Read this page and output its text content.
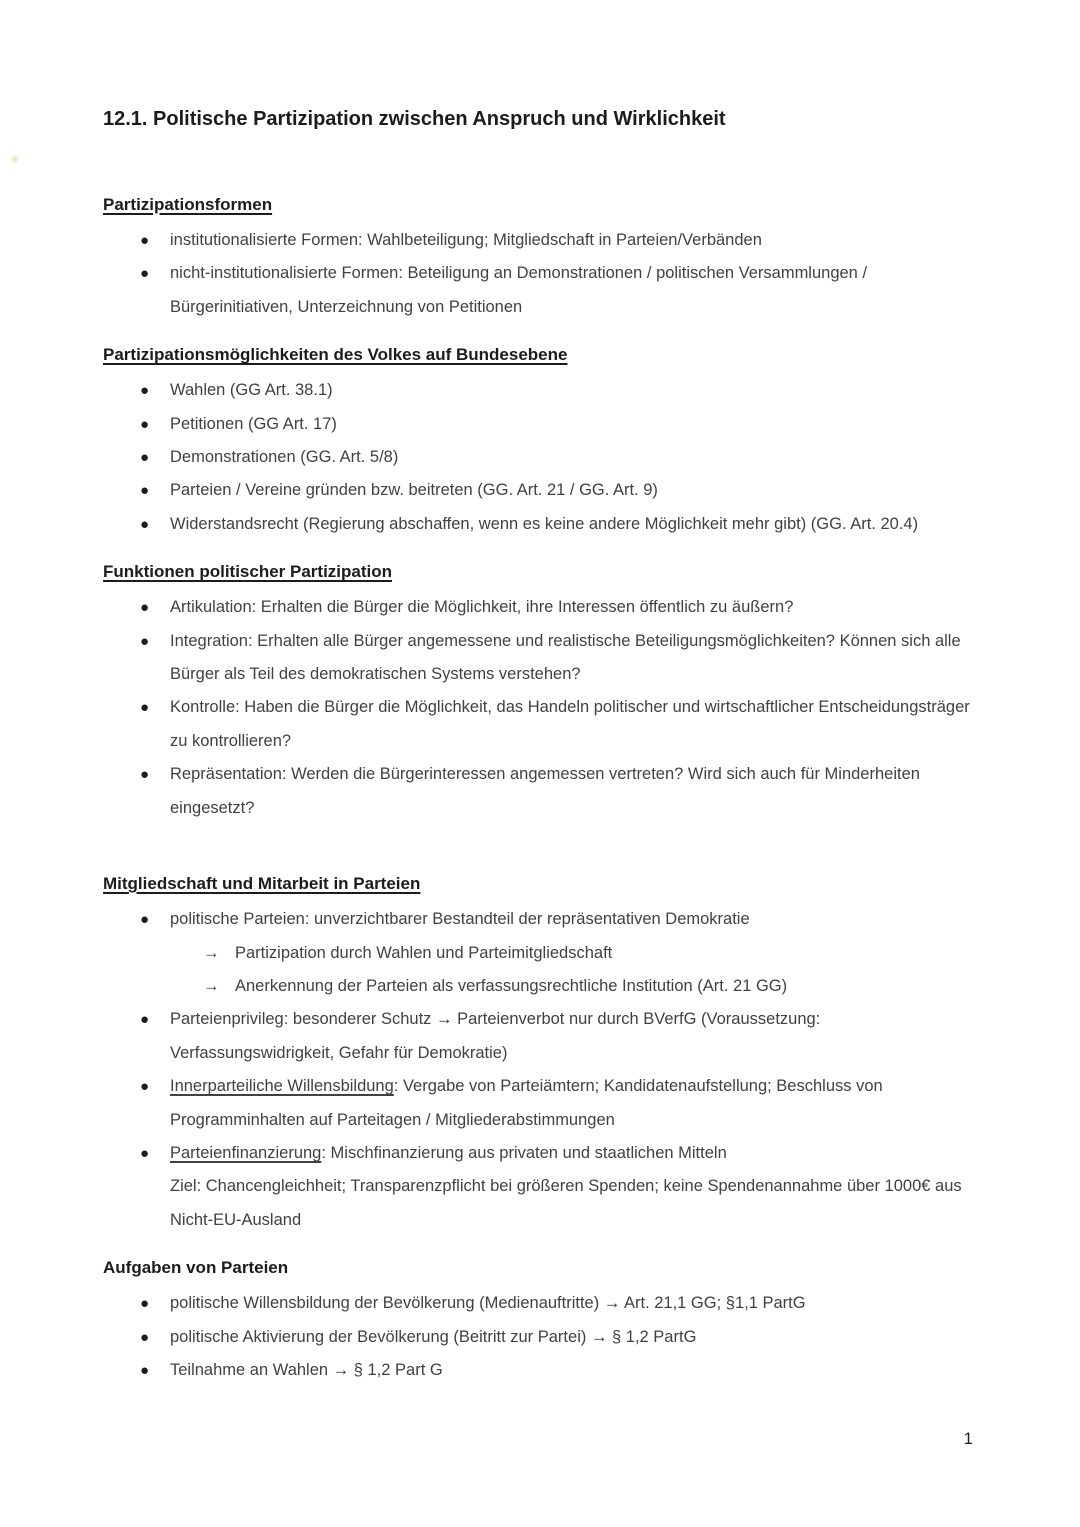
12.1. Politische Partizipation zwischen Anspruch und Wirklichkeit
Partizipationsformen
● institutionalisierte Formen: Wahlbeteiligung; Mitgliedschaft in Parteien/Verbänden
● nicht-institutionalisierte Formen: Beteiligung an Demonstrationen / politischen Versammlungen / Bürgerinitiativen, Unterzeichnung von Petitionen
Partizipationsmöglichkeiten des Volkes auf Bundesebene
● Wahlen (GG Art. 38.1)
● Petitionen (GG Art. 17)
● Demonstrationen (GG. Art. 5/8)
● Parteien / Vereine gründen bzw. beitreten (GG. Art. 21 / GG. Art. 9)
● Widerstandsrecht (Regierung abschaffen, wenn es keine andere Möglichkeit mehr gibt) (GG. Art. 20.4)
Funktionen politischer Partizipation
● Artikulation: Erhalten die Bürger die Möglichkeit, ihre Interessen öffentlich zu äußern?
● Integration: Erhalten alle Bürger angemessene und realistische Beteiligungsmöglichkeiten? Können sich alle Bürger als Teil des demokratischen Systems verstehen?
● Kontrolle: Haben die Bürger die Möglichkeit, das Handeln politischer und wirtschaftlicher Entscheidungsträger zu kontrollieren?
● Repräsentation: Werden die Bürgerinteressen angemessen vertreten? Wird sich auch für Minderheiten eingesetzt?
Mitgliedschaft und Mitarbeit in Parteien
● politische Parteien: unverzichtbarer Bestandteil der repräsentativen Demokratie
→ Partizipation durch Wahlen und Parteimitgliedschaft
→ Anerkennung der Parteien als verfassungsrechtliche Institution (Art. 21 GG)
● Parteienprivileg: besonderer Schutz → Parteienverbot nur durch BVerfG (Voraussetzung: Verfassungswidrigkeit, Gefahr für Demokratie)
● Innerparteiliche Willensbildung: Vergabe von Parteiämtern; Kandidatenaufstellung; Beschluss von Programminhalten auf Parteitagen / Mitgliederabstimmungen
● Parteienfinanzierung: Mischfinanzierung aus privaten und staatlichen Mitteln
Ziel: Chancengleichheit; Transparenzpflicht bei größeren Spenden; keine Spendenannahme über 1000€ aus Nicht-EU-Ausland
Aufgaben von Parteien
● politische Willensbildung der Bevölkerung (Medienauftritte) → Art. 21,1 GG; §1,1 PartG
● politische Aktivierung der Bevölkerung (Beitritt zur Partei) → § 1,2 PartG
● Teilnahme an Wahlen → § 1,2 Part G
1
